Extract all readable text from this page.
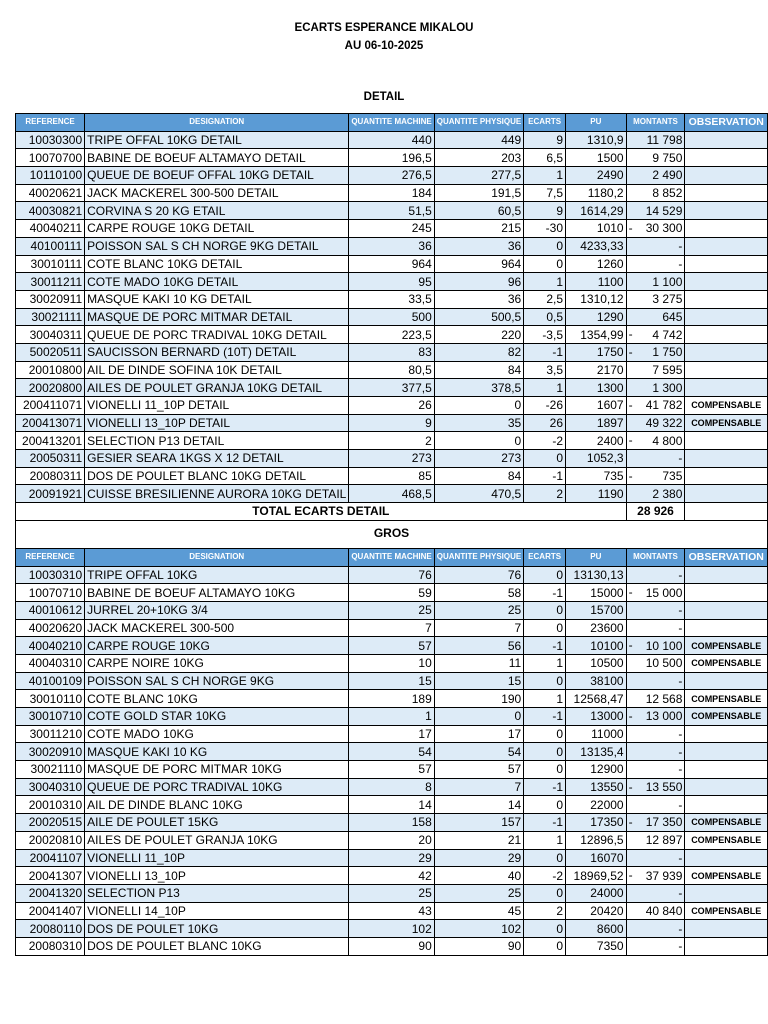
ECARTS ESPERANCE MIKALOU
AU 06-10-2025
DETAIL
REFERENCE	DESIGNATION	QUANTITE MACHINE	QUANTITE PHYSIQUE	ECARTS	PU	MONTANTS	OBSERVATION
10030300	TRIPE OFFAL 10KG DETAIL	440	449	9	1310,9	11 798	
10070700	BABINE DE BOEUF ALTAMAYO DETAIL	196,5	203	6,5	1500	9 750	
10110100	QUEUE DE BOEUF OFFAL 10KG DETAIL	276,5	277,5	1	2490	2 490	
40020621	JACK MACKEREL 300-500 DETAIL	184	191,5	7,5	1180,2	8 852	
40030821	CORVINA S 20 KG ETAIL	51,5	60,5	9	1614,29	14 529	
40040211	CARPE ROUGE 10KG DETAIL	245	215	-30	1010	- 30 300	
40100111	POISSON SAL S CH NORGE 9KG DETAIL	36	36	0	4233,33	-	
30010111	COTE BLANC 10KG DETAIL	964	964	0	1260	-	
30011211	COTE MADO 10KG DETAIL	95	96	1	1100	1 100	
30020911	MASQUE KAKI 10 KG DETAIL	33,5	36	2,5	1310,12	3 275	
30021111	MASQUE DE PORC MITMAR DETAIL	500	500,5	0,5	1290	645	
30040311	QUEUE DE PORC TRADIVAL 10KG DETAIL	223,5	220	-3,5	1354,99	- 4 742	
50020511	SAUCISSON BERNARD (10T) DETAIL	83	82	-1	1750	- 1 750	
20010800	AIL DE DINDE SOFINA 10K DETAIL	80,5	84	3,5	2170	7 595	
20020800	AILES DE POULET GRANJA 10KG DETAIL	377,5	378,5	1	1300	1 300	
200411071	VIONELLI 11_10P DETAIL	26	0	-26	1607	- 41 782	COMPENSABLE
200413071	VIONELLI 13_10P DETAIL	9	35	26	1897	49 322	COMPENSABLE
200413201	SELECTION P13 DETAIL	2	0	-2	2400	- 4 800	
20050311	GESIER SEARA 1KGS X 12 DETAIL	273	273	0	1052,3	-	
20080311	DOS DE POULET BLANC 10KG DETAIL	85	84	-1	735	- 735	
20091921	CUISSE BRESILIENNE AURORA 10KG DETAIL	468,5	470,5	2	1190	2 380	
TOTAL ECARTS DETAIL						28 926	
GROS							

REFERENCE	DESIGNATION	QUANTITE MACHINE	QUANTITE PHYSIQUE	ECARTS	PU	MONTANTS	OBSERVATION
10030310	TRIPE OFFAL 10KG	76	76	0	13130,13	-	
10070710	BABINE DE BOEUF ALTAMAYO 10KG	59	58	-1	15000	- 15 000	
40010612	JURREL 20+10KG 3/4	25	25	0	15700	-	
40020620	JACK MACKEREL 300-500	7	7	0	23600	-	
40040210	CARPE ROUGE 10KG	57	56	-1	10100	- 10 100	COMPENSABLE
40040310	CARPE NOIRE 10KG	10	11	1	10500	10 500	COMPENSABLE
40100109	POISSON SAL S CH NORGE 9KG	15	15	0	38100	-	
30010110	COTE BLANC 10KG	189	190	1	12568,47	12 568	COMPENSABLE
30010710	COTE GOLD STAR 10KG	1	0	-1	13000	- 13 000	COMPENSABLE
30011210	COTE MADO 10KG	17	17	0	11000	-	
30020910	MASQUE KAKI 10 KG	54	54	0	13135,4	-	
30021110	MASQUE DE PORC MITMAR 10KG	57	57	0	12900	-	
30040310	QUEUE DE PORC TRADIVAL 10KG	8	7	-1	13550	- 13 550	
20010310	AIL DE DINDE BLANC 10KG	14	14	0	22000	-	
20020515	AILE DE POULET 15KG	158	157	-1	17350	- 17 350	COMPENSABLE
20020810	AILES DE POULET GRANJA 10KG	20	21	1	12896,5	12 897	COMPENSABLE
20041107	VIONELLI 11_10P	29	29	0	16070	-	
20041307	VIONELLI 13_10P	42	40	-2	18969,52	- 37 939	COMPENSABLE
20041320	SELECTION P13	25	25	0	24000	-	
20041407	VIONELLI 14_10P	43	45	2	20420	40 840	COMPENSABLE
20080110	DOS DE POULET 10KG	102	102	0	8600	-	
20080310	DOS DE POULET BLANC 10KG	90	90	0	7350	-	
